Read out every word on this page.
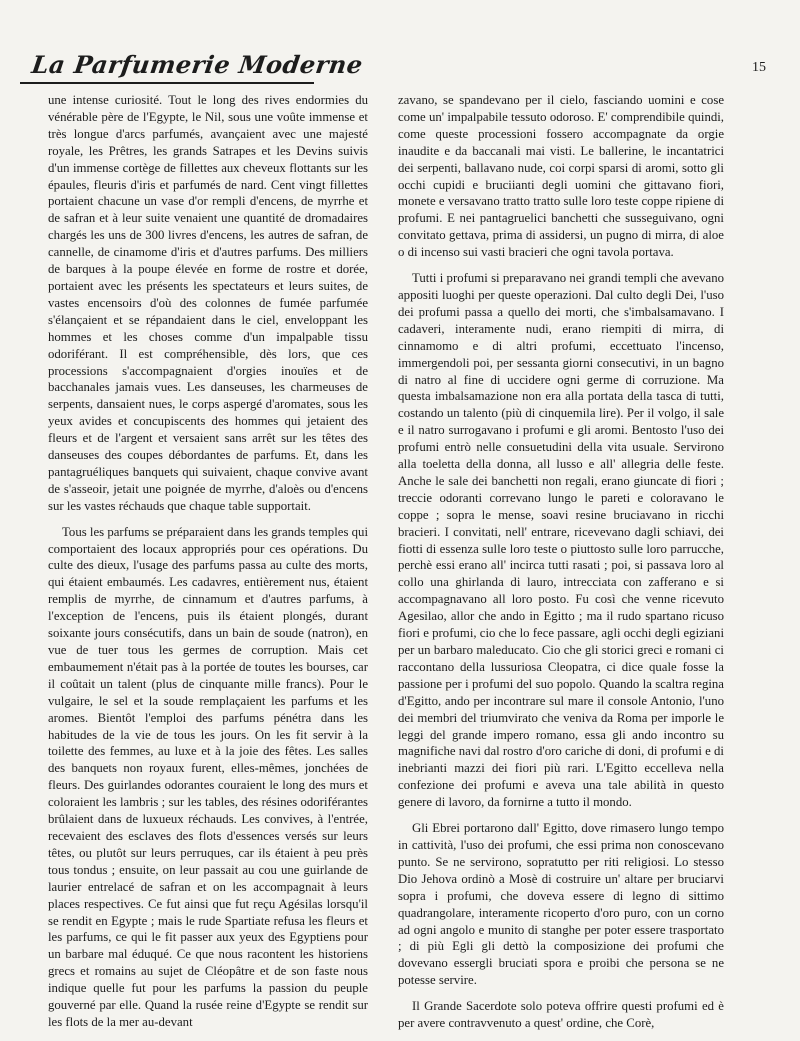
La Parfumerie Moderne	15

une intense curiosité. Tout le long des rives endormies du vénérable père de l'Egypte, le Nil, sous une voûte immense et très longue d'arcs parfumés, avançaient avec une majesté royale, les Prêtres, les grands Satrapes et les Devins suivis d'un immense cortège de fillettes aux cheveux flottants sur les épaules, fleuris d'iris et parfumés de nard. Cent vingt fillettes portaient chacune un vase d'or rempli d'encens, de myrrhe et de safran et à leur suite venaient une quantité de dromadaires chargés les uns de 300 livres d'encens, les autres de safran, de cannelle, de cinamome d'iris et d'autres parfums. Des milliers de barques à la poupe élevée en forme de rostre et dorée, portaient avec les présents les spectateurs et leurs suites, de vastes encensoirs d'où des colonnes de fumée parfumée s'élançaient et se répandaient dans le ciel, enveloppant les hommes et les choses comme d'un impalpable tissu odoriférant. Il est compréhensible, dès lors, que ces processions s'accompagnaient d'orgies inouïes et de bacchanales jamais vues. Les danseuses, les charmeuses de serpents, dansaient nues, le corps aspergé d'aromates, sous les yeux avides et concupiscents des hommes qui jetaient des fleurs et de l'argent et versaient sans arrêt sur les têtes des danseuses des coupes débordantes de parfums. Et, dans les pantagruéliques banquets qui suivaient, chaque convive avant de s'asseoir, jetait une poignée de myrrhe, d'aloès ou d'encens sur les vastes réchauds que chaque table supportait.

Tous les parfums se préparaient dans les grands temples qui comportaient des locaux appropriés pour ces opérations. Du culte des dieux, l'usage des parfums passa au culte des morts, qui étaient embaumés. Les cadavres, entièrement nus, étaient remplis de myrrhe, de cinnamum et d'autres parfums, à l'exception de l'encens, puis ils étaient plongés, durant soixante jours consécutifs, dans un bain de soude (natron), en vue de tuer tous les germes de corruption. Mais cet embaumement n'était pas à la portée de toutes les bourses, car il coûtait un talent (plus de cinquante mille francs). Pour le vulgaire, le sel et la soude remplaçaient les parfums et les aromes. Bientôt l'emploi des parfums pénétra dans les habitudes de la vie de tous les jours. On les fit servir à la toilette des femmes, au luxe et à la joie des fêtes. Les salles des banquets non royaux furent, elles-mêmes, jonchées de fleurs. Des guirlandes odorantes couraient le long des murs et coloraient les lambris ; sur les tables, des résines odoriférantes brûlaient dans de luxueux réchauds. Les convives, à l'entrée, recevaient des esclaves des flots d'essences versés sur leurs têtes, ou plutôt sur leurs perruques, car ils étaient à peu près tous tondus ; ensuite, on leur passait au cou une guirlande de laurier entrelacé de safran et on les accompagnait à leurs places respectives. Ce fut ainsi que fut reçu Agésilas lorsqu'il se rendit en Egypte ; mais le rude Spartiate refusa les fleurs et les parfums, ce qui le fit passer aux yeux des Egyptiens pour un barbare mal éduqué. Ce que nous racontent les historiens grecs et romains au sujet de Cléopâtre et de son faste nous indique quelle fut pour les parfums la passion du peuple gouverné par elle. Quand la rusée reine d'Egypte se rendit sur les flots de la mer au-devant

zavano, se spandevano per il cielo, fasciando uomini e cose come un' impalpabile tessuto odoroso. E' comprendibile quindi, come queste processioni fossero accompagnate da orgie inaudite e da baccanali mai visti. Le ballerine, le incantatrici dei serpenti, ballavano nude, coi corpi sparsi di aromi, sotto gli occhi cupidi e bruciianti degli uomini che gittavano fiori, monete e versavano tratto tratto sulle loro teste coppe ripiene di profumi. E nei pantagruelici banchetti che susseguivano, ogni convitato gettava, prima di assidersi, un pugno di mirra, di aloe o di incenso sui vasti bracieri che ogni tavola portava.

Tutti i profumi si preparavano nei grandi templi che avevano appositi luoghi per queste operazioni. Dal culto degli Dei, l'uso dei profumi passa a quello dei morti, che s'imbalsamavano. I cadaveri, interamente nudi, erano riempiti di mirra, di cinnamomo e di altri profumi, eccettuato l'incenso, immergendoli poi, per sessanta giorni consecutivi, in un bagno di natro al fine di uccidere ogni germe di corruzione. Ma questa imbalsamazione non era alla portata della tasca di tutti, costando un talento (più di cinquemila lire). Per il volgo, il sale e il natro surrogavano i profumi e gli aromi. Bentosto l'uso dei profumi entrò nelle consuetudini della vita usuale. Servirono alla toeletta della donna, all lusso e all' allegria delle feste. Anche le sale dei banchetti non regali, erano giuncate di fiori ; treccie odoranti correvano lungo le pareti e coloravano le coppe ; sopra le mense, soavi resine bruciavano in ricchi bracieri. I convitati, nell' entrare, ricevevano dagli schiavi, dei fiotti di essenza sulle loro teste o piuttosto sulle loro parrucche, perchè essi erano all' incirca tutti rasati ; poi, si passava loro al collo una ghirlanda di lauro, intrecciata con zafferano e si accompagnavano all loro posto. Fu così che venne ricevuto Agesilao, allor che ando in Egitto ; ma il rudo spartano ricuso fiori e profumi, cio che lo fece passare, agli occhi degli egiziani per un barbaro maleducato. Cio che gli storici greci e romani ci raccontano della lussuriosa Cleopatra, ci dice quale fosse la passione per i profumi del suo popolo. Quando la scaltra regina d'Egitto, ando per incontrare sul mare il console Antonio, l'uno dei membri del triumvirato che veniva da Roma per imporle le leggi del grande impero romano, essa gli ando incontro su magnifiche navi dal rostro d'oro cariche di doni, di profumi e di inebrianti mazzi dei fiori più rari. L'Egitto eccelleva nella confezione dei profumi e aveva una tale abilità in questo genere di lavoro, da fornirne a tutto il mondo.

Gli Ebrei portarono dall' Egitto, dove rimasero lungo tempo in cattività, l'uso dei profumi, che essi prima non conoscevano punto. Se ne servirono, sopratutto per riti religiosi. Lo stesso Dio Jehova ordinò a Mosè di costruire un' altare per bruciarvi sopra i profumi, che doveva essere di legno di sittimo quadrangolare, interamente ricoperto d'oro puro, con un corno ad ogni angolo e munito di stanghe per poter essere trasportato ; di più Egli gli dettò la composizione dei profumi che dovevano essergli bruciati spora e proibi che persona se ne potesse servire.

Il Grande Sacerdote solo poteva offrire questi profumi ed è per avere contravvenuto a quest' ordine, che Corè,
